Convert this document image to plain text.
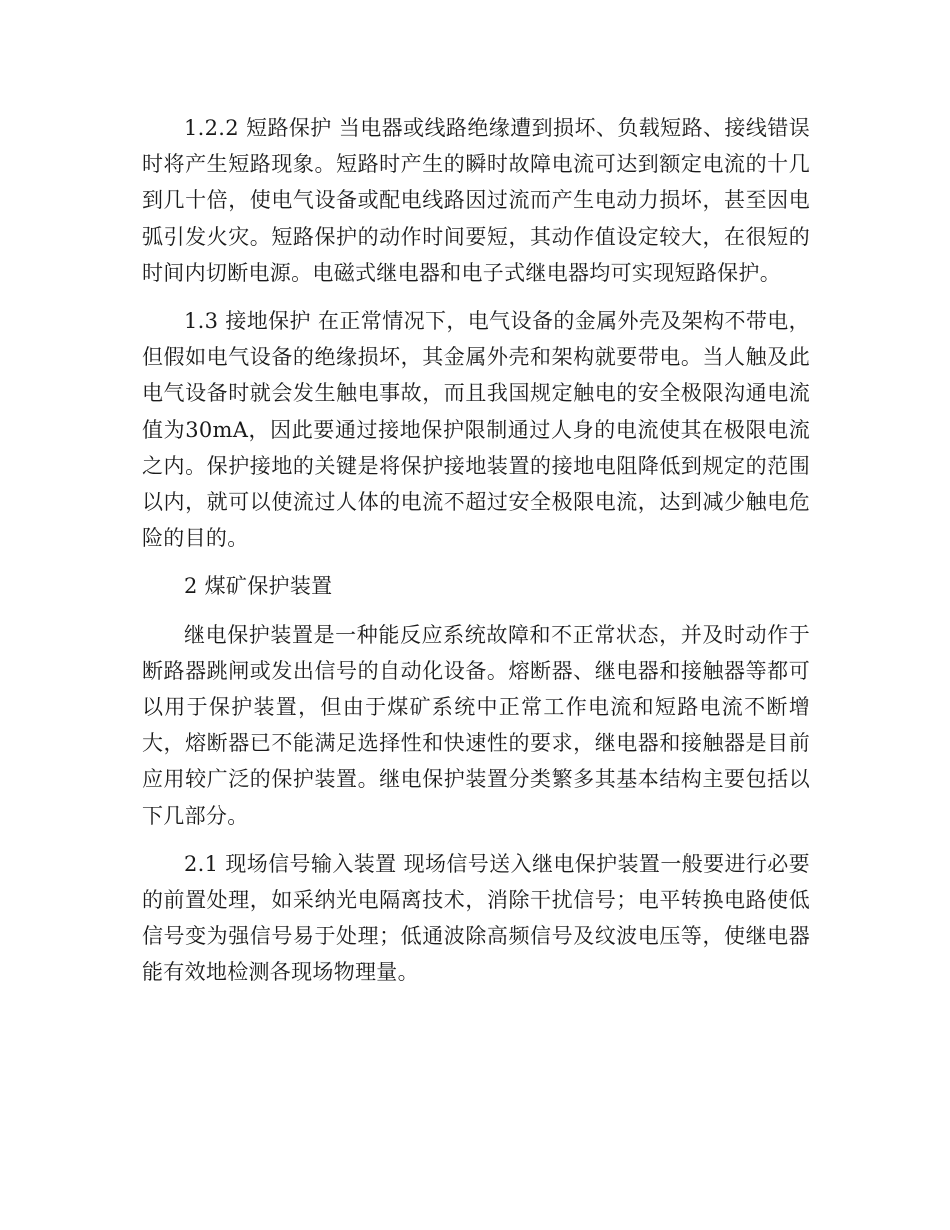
1.2.2 短路保护 当电器或线路绝缘遭到损坏、负载短路、接线错误时将产生短路现象。短路时产生的瞬时故障电流可达到额定电流的十几到几十倍，使电气设备或配电线路因过流而产生电动力损坏，甚至因电弧引发火灾。短路保护的动作时间要短，其动作值设定较大，在很短的时间内切断电源。电磁式继电器和电子式继电器均可实现短路保护。

1.3 接地保护 在正常情况下，电气设备的金属外壳及架构不带电，但假如电气设备的绝缘损坏，其金属外壳和架构就要带电。当人触及此电气设备时就会发生触电事故，而且我国规定触电的安全极限沟通电流值为30mA，因此要通过接地保护限制通过人身的电流使其在极限电流之内。保护接地的关键是将保护接地装置的接地电阻降低到规定的范围以内，就可以使流过人体的电流不超过安全极限电流，达到减少触电危险的目的。

2 煤矿保护装置

继电保护装置是一种能反应系统故障和不正常状态，并及时动作于断路器跳闸或发出信号的自动化设备。熔断器、继电器和接触器等都可以用于保护装置，但由于煤矿系统中正常工作电流和短路电流不断增大，熔断器已不能满足选择性和快速性的要求，继电器和接触器是目前应用较广泛的保护装置。继电保护装置分类繁多其基本结构主要包括以下几部分。

2.1 现场信号输入装置 现场信号送入继电保护装置一般要进行必要的前置处理，如采纳光电隔离技术，消除干扰信号；电平转换电路使低信号变为强信号易于处理；低通波除高频信号及纹波电压等，使继电器能有效地检测各现场物理量。
